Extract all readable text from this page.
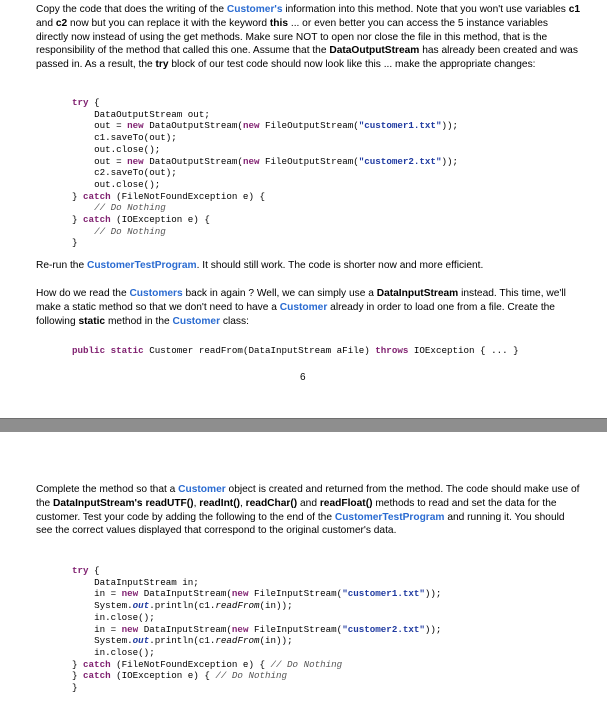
Copy the code that does the writing of the Customer's information into this method. Note that you won't use variables c1 and c2 now but you can replace it with the keyword this ... or even better you can access the 5 instance variables directly now instead of using the get methods. Make sure NOT to open nor close the file in this method, that is the responsibility of the method that called this one. Assume that the DataOutputStream has already been created and was passed in. As a result, the try block of our test code should now look like this ... make the appropriate changes:

try {
DataOutputStream out;
out = new DataOutputStream(new FileOutputStream("customer1.txt"));
c1.saveTo(out);
out.close();
out = new DataOutputStream(new FileOutputStream("customer2.txt"));
c2.saveTo(out);
out.close();
} catch (FileNotFoundException e) {
// Do Nothing
} catch (IOException e) {
// Do Nothing
}

Re-run the CustomerTestProgram. It should still work. The code is shorter now and more efficient.

How do we read the Customers back in again ? Well, we can simply use a DataInputStream instead. This time, we'll make a static method so that we don't need to have a Customer already in order to load one from a file. Create the following static method in the Customer class:

public static Customer readFrom(DataInputStream aFile) throws IOException { ... }
6

Complete the method so that a Customer object is created and returned from the method. The code should make use of the DataInputStream's readUTF(), readInt(), readChar() and readFloat() methods to read and set the data for the customer. Test your code by adding the following to the end of the CustomerTestProgram and running it. You should see the correct values displayed that correspond to the original customer's data.

try {
DataInputStream in;
in = new DataInputStream(new FileInputStream("customer1.txt"));
System.out.println(c1.readFrom(in));
in.close();
in = new DataInputStream(new FileInputStream("customer2.txt"));
System.out.println(c1.readFrom(in));
in.close();
} catch (FileNotFoundException e) { // Do Nothing
} catch (IOException e) { // Do Nothing
}
